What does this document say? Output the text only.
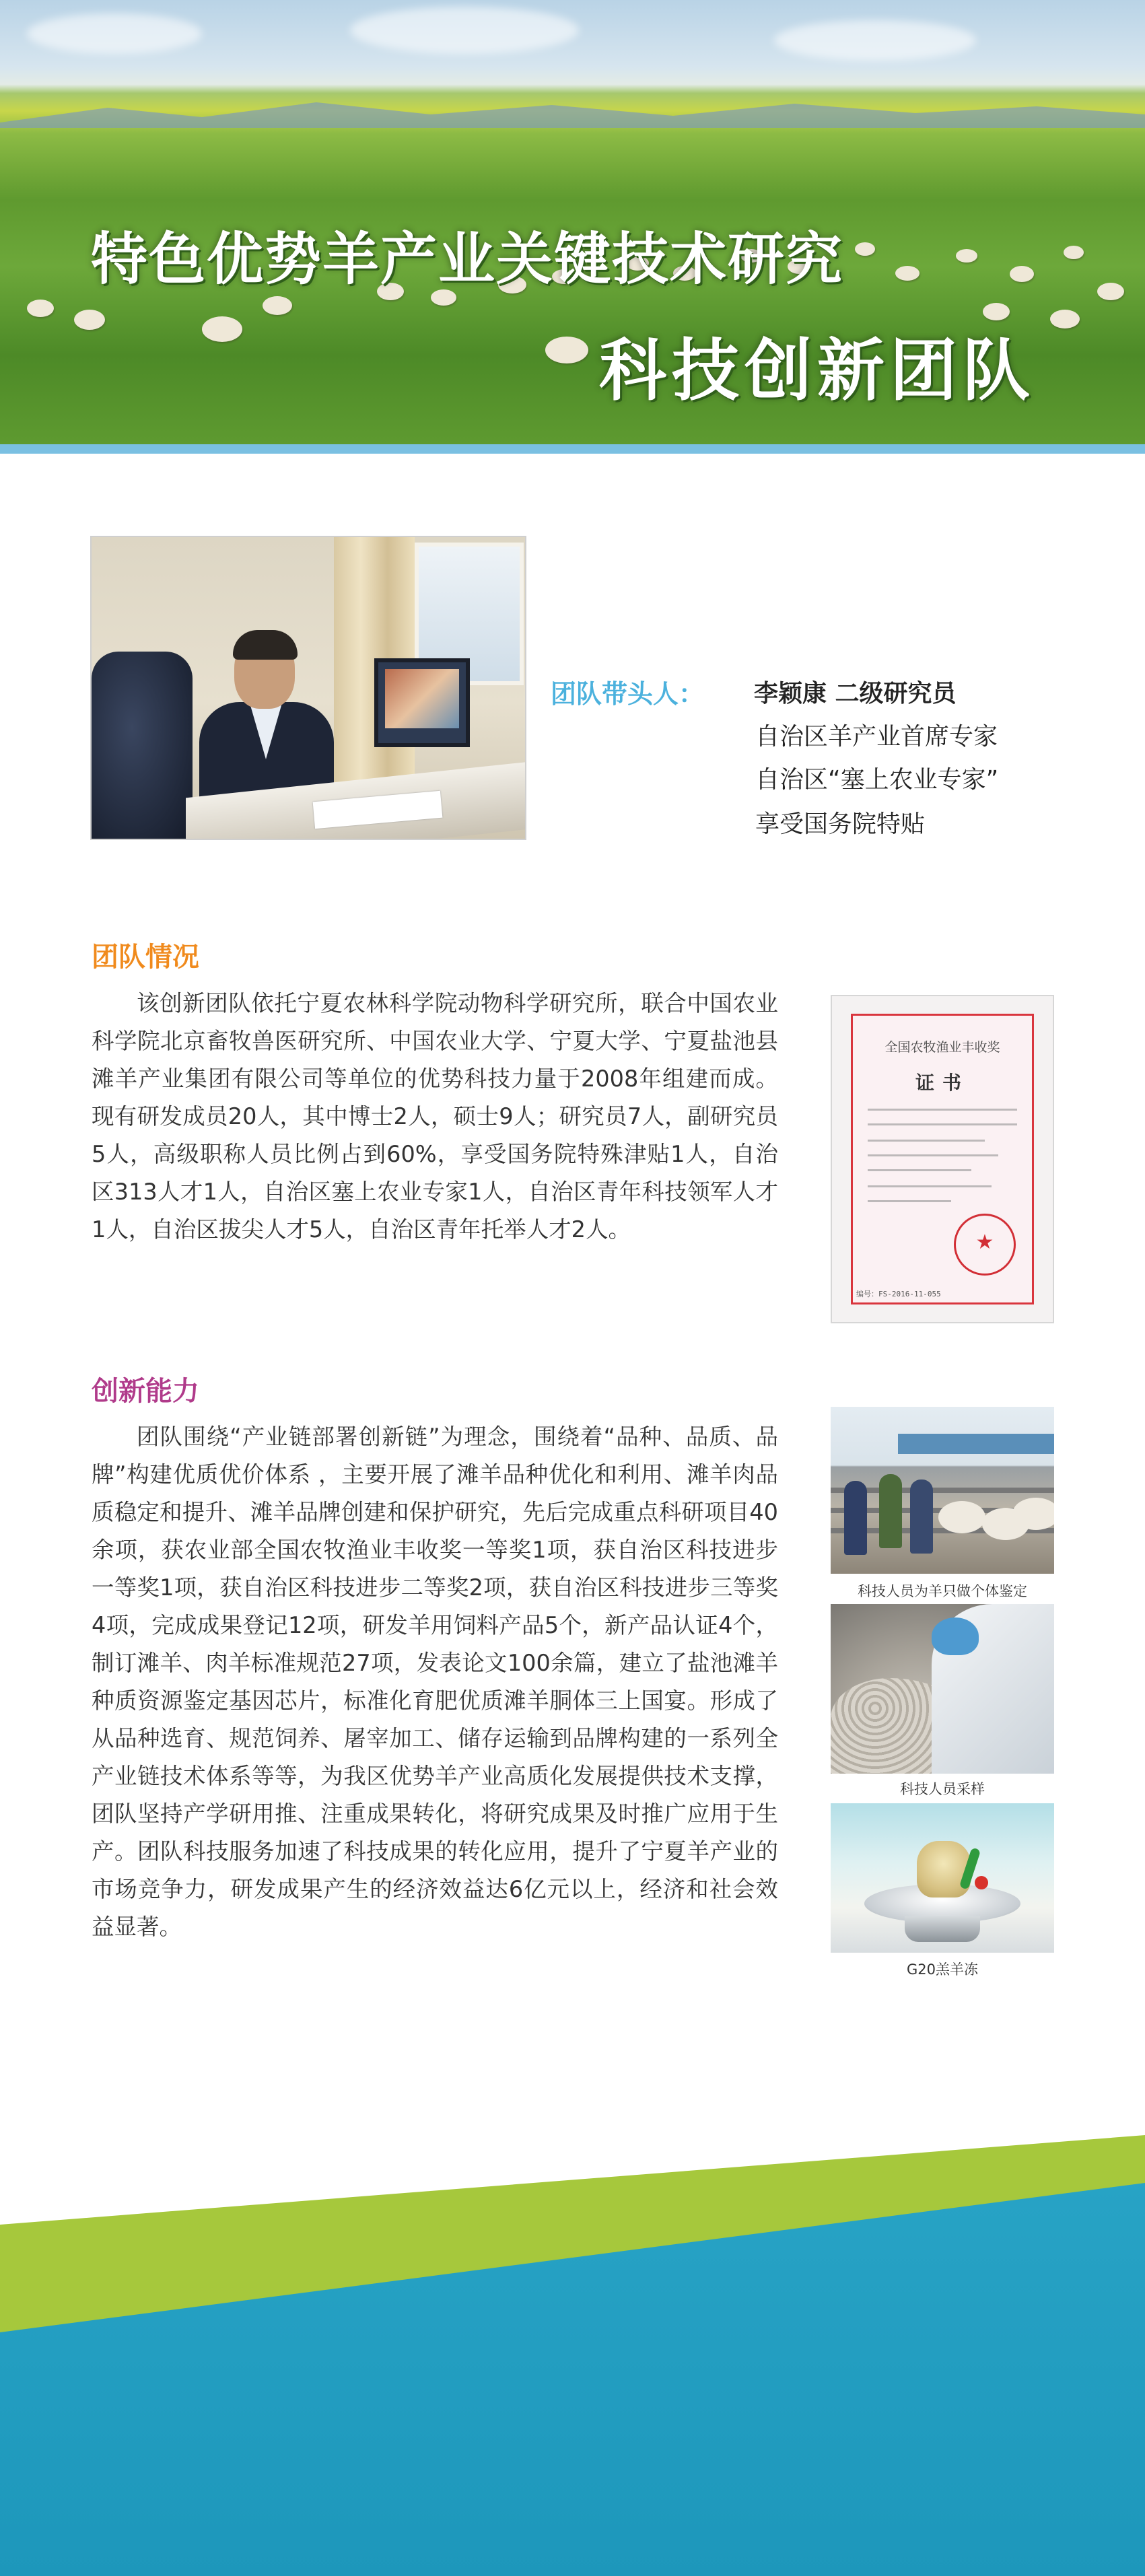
特色优势羊产业关键技术研究
科技创新团队
团队带头人： 李颖康 二级研究员
自治区羊产业首席专家
自治区“塞上农业专家”
享受国务院特贴
团队情况
该创新团队依托宁夏农林科学院动物科学研究所，联合中国农业科学院北京畜牧兽医研究所、中国农业大学、宁夏大学、宁夏盐池县滩羊产业集团有限公司等单位的优势科技力量于2008年组建而成。现有研发成员20人，其中博士2人，硕士9人；研究员7人，副研究员5人，高级职称人员比例占到60%，享受国务院特殊津贴1人，自治区313人才1人，自治区塞上农业专家1人，自治区青年科技领军人才1人，自治区拔尖人才5人，自治区青年托举人才2人。
全国农牧渔业丰收奖
证书
★
编号：FS-2016-11-055
创新能力
团队围绕“产业链部署创新链”为理念，围绕着“品种、品质、品牌”构建优质优价体系 ，主要开展了滩羊品种优化和利用、滩羊肉品质稳定和提升、滩羊品牌创建和保护研究，先后完成重点科研项目40余项，获农业部全国农牧渔业丰收奖一等奖1项，获自治区科技进步一等奖1项，获自治区科技进步二等奖2项，获自治区科技进步三等奖4项，完成成果登记12项，研发羊用饲料产品5个，新产品认证4个，制订滩羊、肉羊标准规范27项，发表论文100余篇，建立了盐池滩羊种质资源鉴定基因芯片，标准化育肥优质滩羊胴体三上国宴。形成了从品种选育、规范饲养、屠宰加工、储存运输到品牌构建的一系列全产业链技术体系等等，为我区优势羊产业高质化发展提供技术支撑，团队坚持产学研用推、注重成果转化，将研究成果及时推广应用于生产。团队科技服务加速了科技成果的转化应用，提升了宁夏羊产业的市场竞争力，研发成果产生的经济效益达6亿元以上，经济和社会效益显著。
科技人员为羊只做个体鉴定
科技人员采样
G20羔羊冻
